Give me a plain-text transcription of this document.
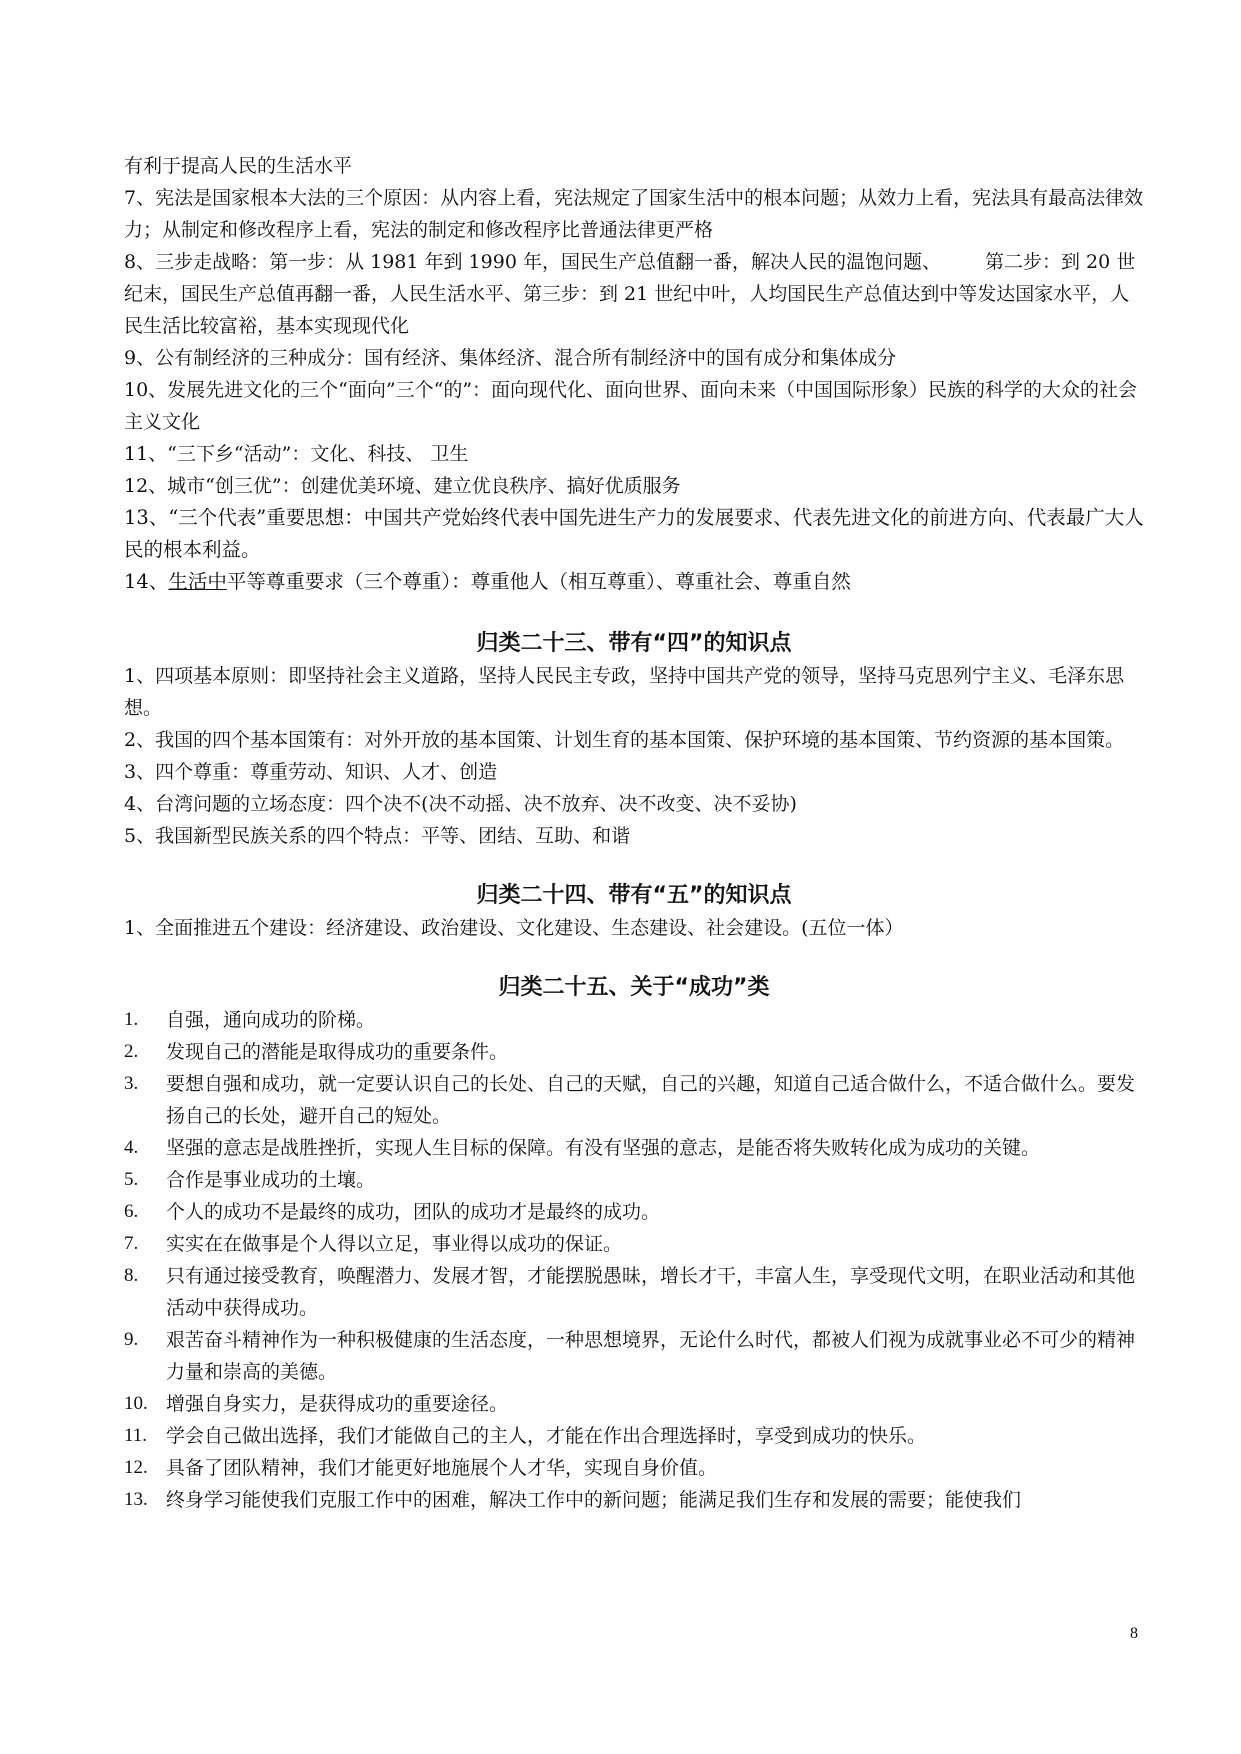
有利于提高人民的生活水平

7、宪法是国家根本大法的三个原因：从内容上看，宪法规定了国家生活中的根本问题；从效力上看，宪法具有最高法律效力；从制定和修改程序上看，宪法的制定和修改程序比普通法律更严格

8、三步走战略：第一步：从 1981 年到 1990 年，国民生产总值翻一番，解决人民的温饱问题、 第二步：到 20 世纪末，国民生产总值再翻一番，人民生活水平、第三步：到 21 世纪中叶，人均国民生产总值达到中等发达国家水平，人民生活比较富裕，基本实现现代化

9、公有制经济的三种成分：国有经济、集体经济、混合所有制经济中的国有成分和集体成分

10、发展先进文化的三个“面向”三个“的”：面向现代化、面向世界、面向未来（中国国际形象）民族的科学的大众的社会主义文化

11、“三下乡“活动”：文化、科技、 卫生

12、城市“创三优”：创建优美环境、建立优良秩序、搞好优质服务

13、“三个代表”重要思想：中国共产党始终代表中国先进生产力的发展要求、代表先进文化的前进方向、代表最广大人民的根本利益。

14、生活中平等尊重要求（三个尊重）：尊重他人（相互尊重）、尊重社会、尊重自然

归类二十三、带有“四”的知识点

1、四项基本原则：即坚持社会主义道路，坚持人民民主专政，坚持中国共产党的领导，坚持马克思列宁主义、毛泽东思想。

2、我国的四个基本国策有：对外开放的基本国策、计划生育的基本国策、保护环境的基本国策、节约资源的基本国策。

3、四个尊重：尊重劳动、知识、人才、创造

4、台湾问题的立场态度：四个决不(决不动摇、决不放弃、决不改变、决不妥协)

5、我国新型民族关系的四个特点：平等、团结、互助、和谐

归类二十四、带有“五”的知识点

1、全面推进五个建设：经济建设、政治建设、文化建设、生态建设、社会建设。(五位一体）

归类二十五、关于“成功”类
1. 自强，通向成功的阶梯。
2. 发现自己的潜能是取得成功的重要条件。
3. 要想自强和成功，就一定要认识自己的长处、自己的天赋，自己的兴趣，知道自己适合做什么，不适合做什么。要发扬自己的长处，避开自己的短处。
4. 坚强的意志是战胜挫折，实现人生目标的保障。有没有坚强的意志，是能否将失败转化成为成功的关键。
5. 合作是事业成功的土壤。
6. 个人的成功不是最终的成功，团队的成功才是最终的成功。
7. 实实在在做事是个人得以立足，事业得以成功的保证。
8. 只有通过接受教育，唤醒潜力、发展才智，才能摆脱愚昧，增长才干，丰富人生，享受现代文明，在职业活动和其他活动中获得成功。
9. 艰苦奋斗精神作为一种积极健康的生活态度，一种思想境界，无论什么时代，都被人们视为成就事业必不可少的精神力量和崇高的美德。
10. 增强自身实力，是获得成功的重要途径。
11. 学会自己做出选择，我们才能做自己的主人，才能在作出合理选择时，享受到成功的快乐。
12. 具备了团队精神，我们才能更好地施展个人才华，实现自身价值。
13. 终身学习能使我们克服工作中的困难，解决工作中的新问题；能满足我们生存和发展的需要；能使我们
8
